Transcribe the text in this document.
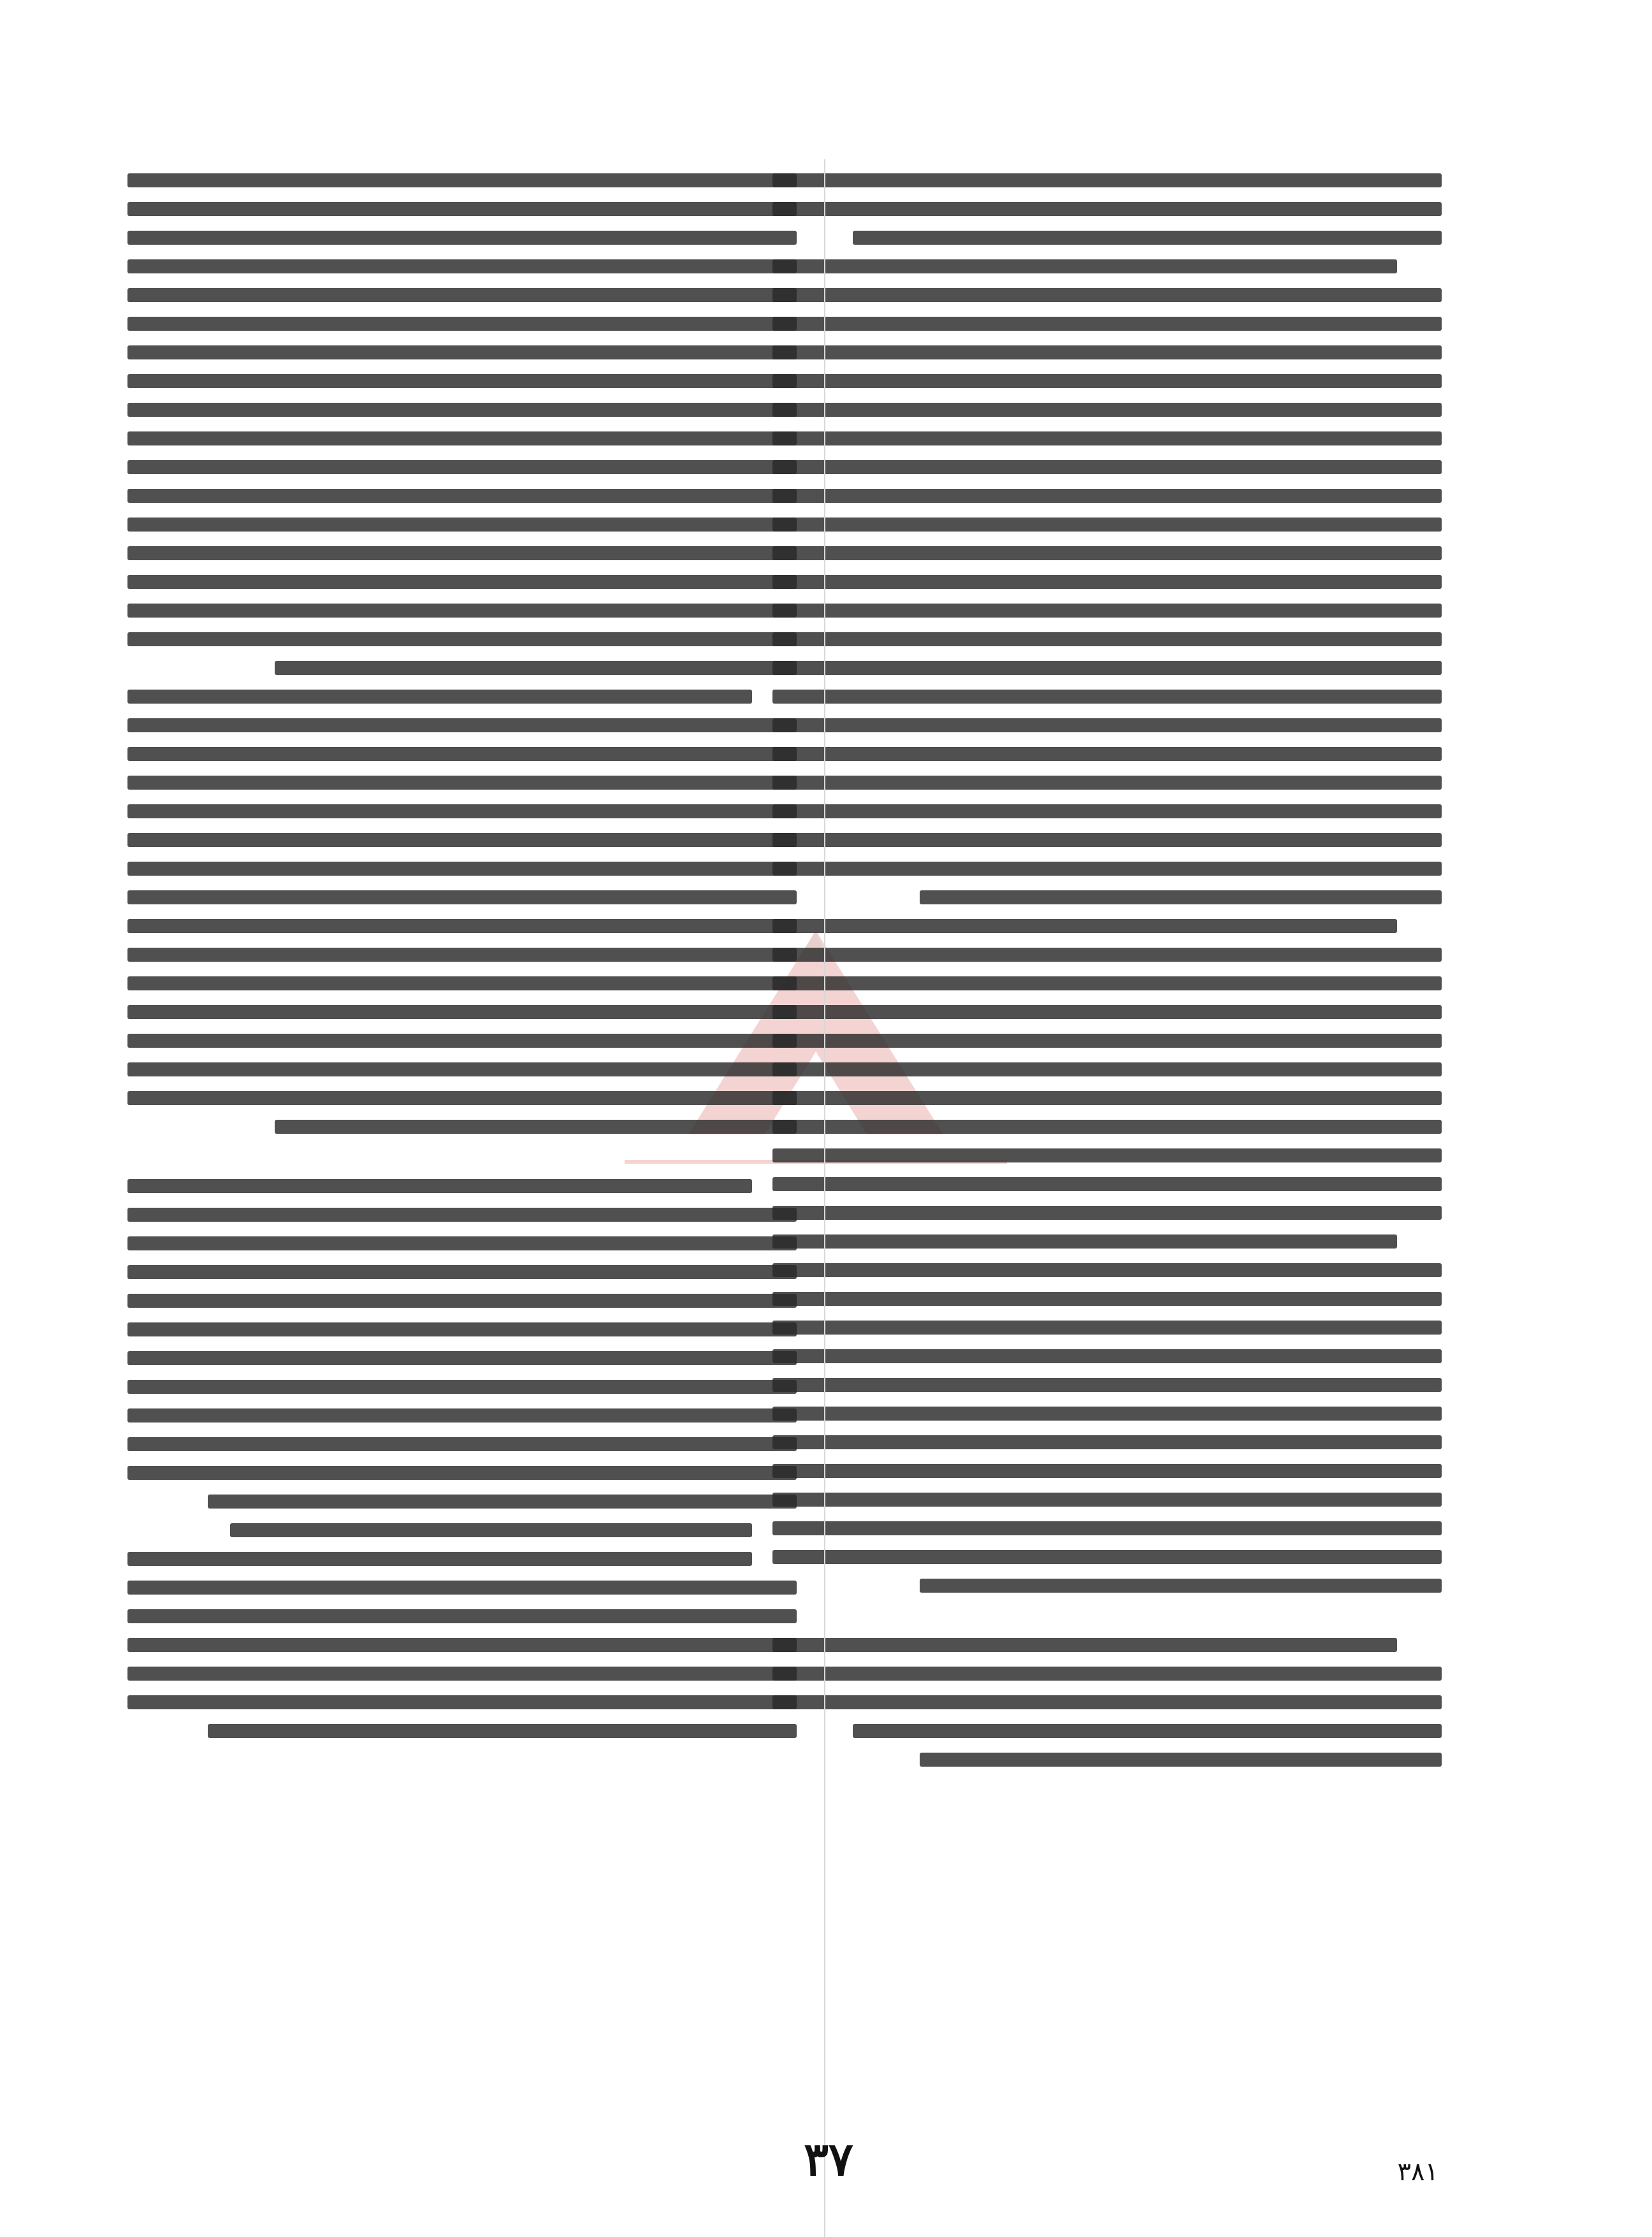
٣٧	٣٨١
